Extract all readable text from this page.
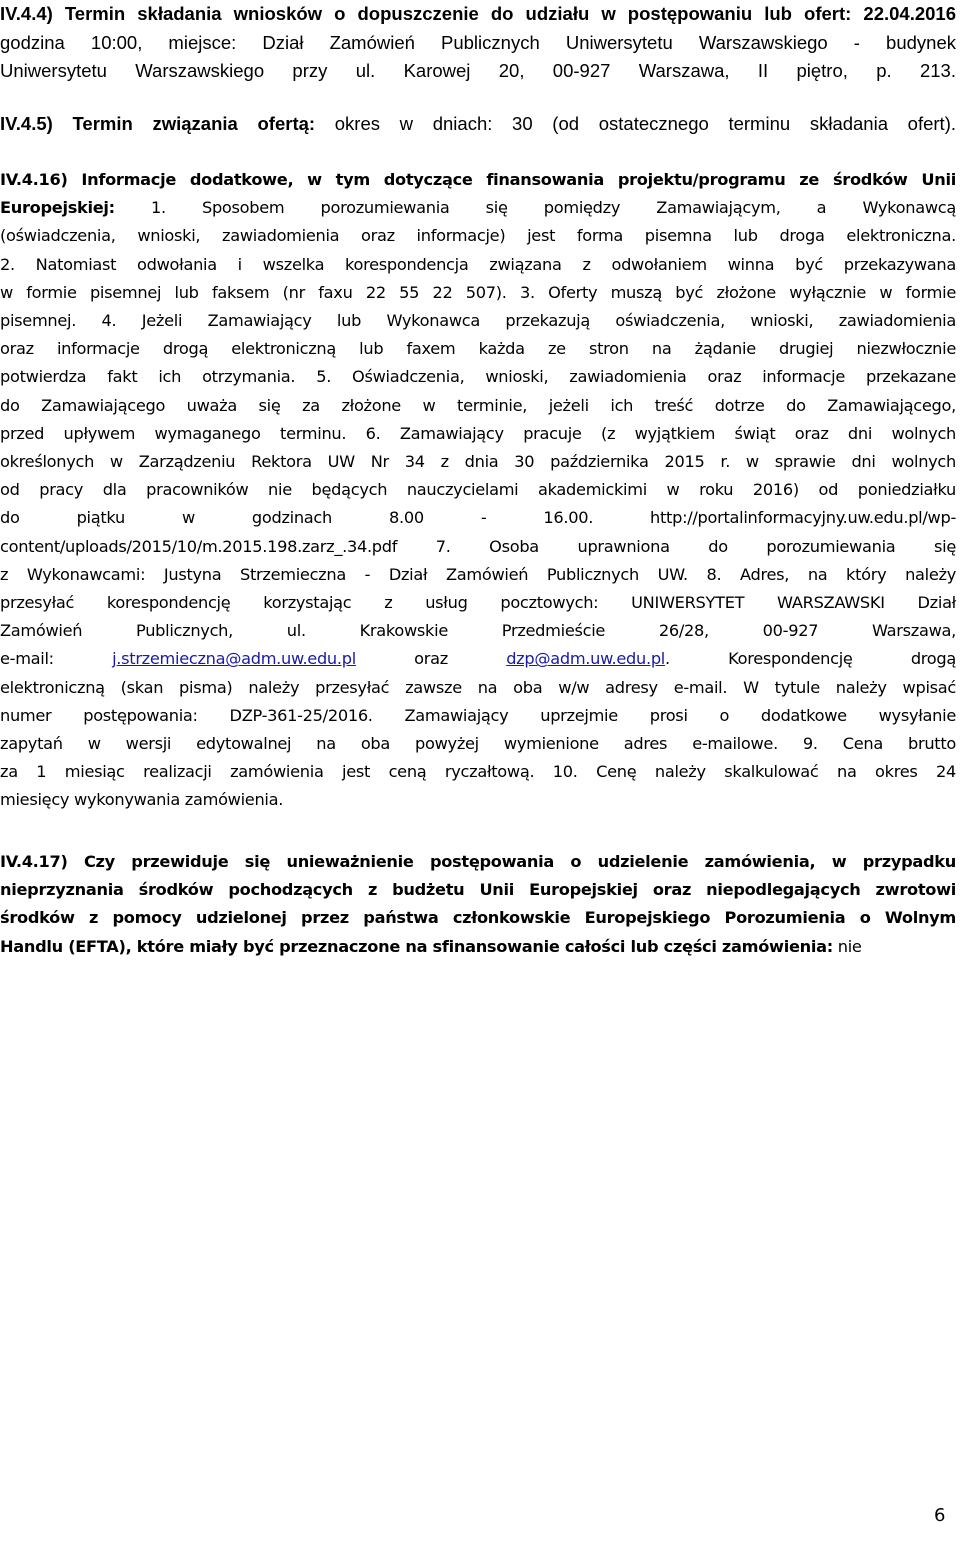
IV.4.4) Termin składania wniosków o dopuszczenie do udziału w postępowaniu lub ofert: 22.04.2016
godzina 10:00, miejsce: Dział Zamówień Publicznych Uniwersytetu Warszawskiego - budynek
Uniwersytetu Warszawskiego przy ul. Karowej 20, 00-927 Warszawa, II piętro, p. 213.
IV.4.5) Termin związania ofertą: okres w dniach: 30 (od ostatecznego terminu składania ofert).
IV.4.16) Informacje dodatkowe, w tym dotyczące finansowania projektu/programu ze środków Unii
Europejskiej: 1. Sposobem porozumiewania się pomiędzy Zamawiającym, a Wykonawcą
(oświadczenia, wnioski, zawiadomienia oraz informacje) jest forma pisemna lub droga elektroniczna.
2. Natomiast odwołania i wszelka korespondencja związana z odwołaniem winna być przekazywana
w formie pisemnej lub faksem (nr faxu 22 55 22 507). 3. Oferty muszą być złożone wyłącznie w formie
pisemnej. 4. Jeżeli Zamawiający lub Wykonawca przekazują oświadczenia, wnioski, zawiadomienia
oraz informacje drogą elektroniczną lub faxem każda ze stron na żądanie drugiej niezwłocznie
potwierdza fakt ich otrzymania. 5. Oświadczenia, wnioski, zawiadomienia oraz informacje przekazane
do Zamawiającego uważa się za złożone w terminie, jeżeli ich treść dotrze do Zamawiającego,
przed upływem wymaganego terminu. 6. Zamawiający pracuje (z wyjątkiem świąt oraz dni wolnych
określonych w Zarządzeniu Rektora UW Nr 34 z dnia 30 października 2015 r. w sprawie dni wolnych
od pracy dla pracowników nie będących nauczycielami akademickimi w roku 2016) od poniedziałku
do piątku w godzinach 8.00 - 16.00. http://portalinformacyjny.uw.edu.pl/wp-
content/uploads/2015/10/m.2015.198.zarz_.34.pdf 7. Osoba uprawniona do porozumiewania się
z Wykonawcami: Justyna Strzemieczna - Dział Zamówień Publicznych UW. 8. Adres, na który należy
przesyłać korespondencję korzystając z usług pocztowych: UNIWERSYTET WARSZAWSKI Dział
Zamówień Publicznych, ul. Krakowskie Przedmieście 26/28, 00-927 Warszawa,
e-mail:	j.strzemieczna@adm.uw.edu.pl	oraz	dzp@adm.uw.edu.pl. Korespondencję drogą
elektroniczną (skan pisma) należy przesyłać zawsze na oba w/w adresy e-mail. W tytule należy wpisać
numer postępowania: DZP-361-25/2016. Zamawiający uprzejmie prosi o dodatkowe wysyłanie
zapytań w wersji edytowalnej na oba powyżej wymienione adres e-mailowe. 9. Cena brutto
za 1 miesiąc realizacji zamówienia jest ceną ryczałtową. 10. Cenę należy skalkulować na okres 24
miesięcy wykonywania zamówienia.
IV.4.17) Czy przewiduje się unieważnienie postępowania o udzielenie zamówienia, w przypadku
nieprzyznania środków pochodzących z budżetu Unii Europejskiej oraz niepodlegających zwrotowi
środków z pomocy udzielonej przez państwa członkowskie Europejskiego Porozumienia o Wolnym
Handlu (EFTA), które miały być przeznaczone na sfinansowanie całości lub części zamówienia: nie
6
